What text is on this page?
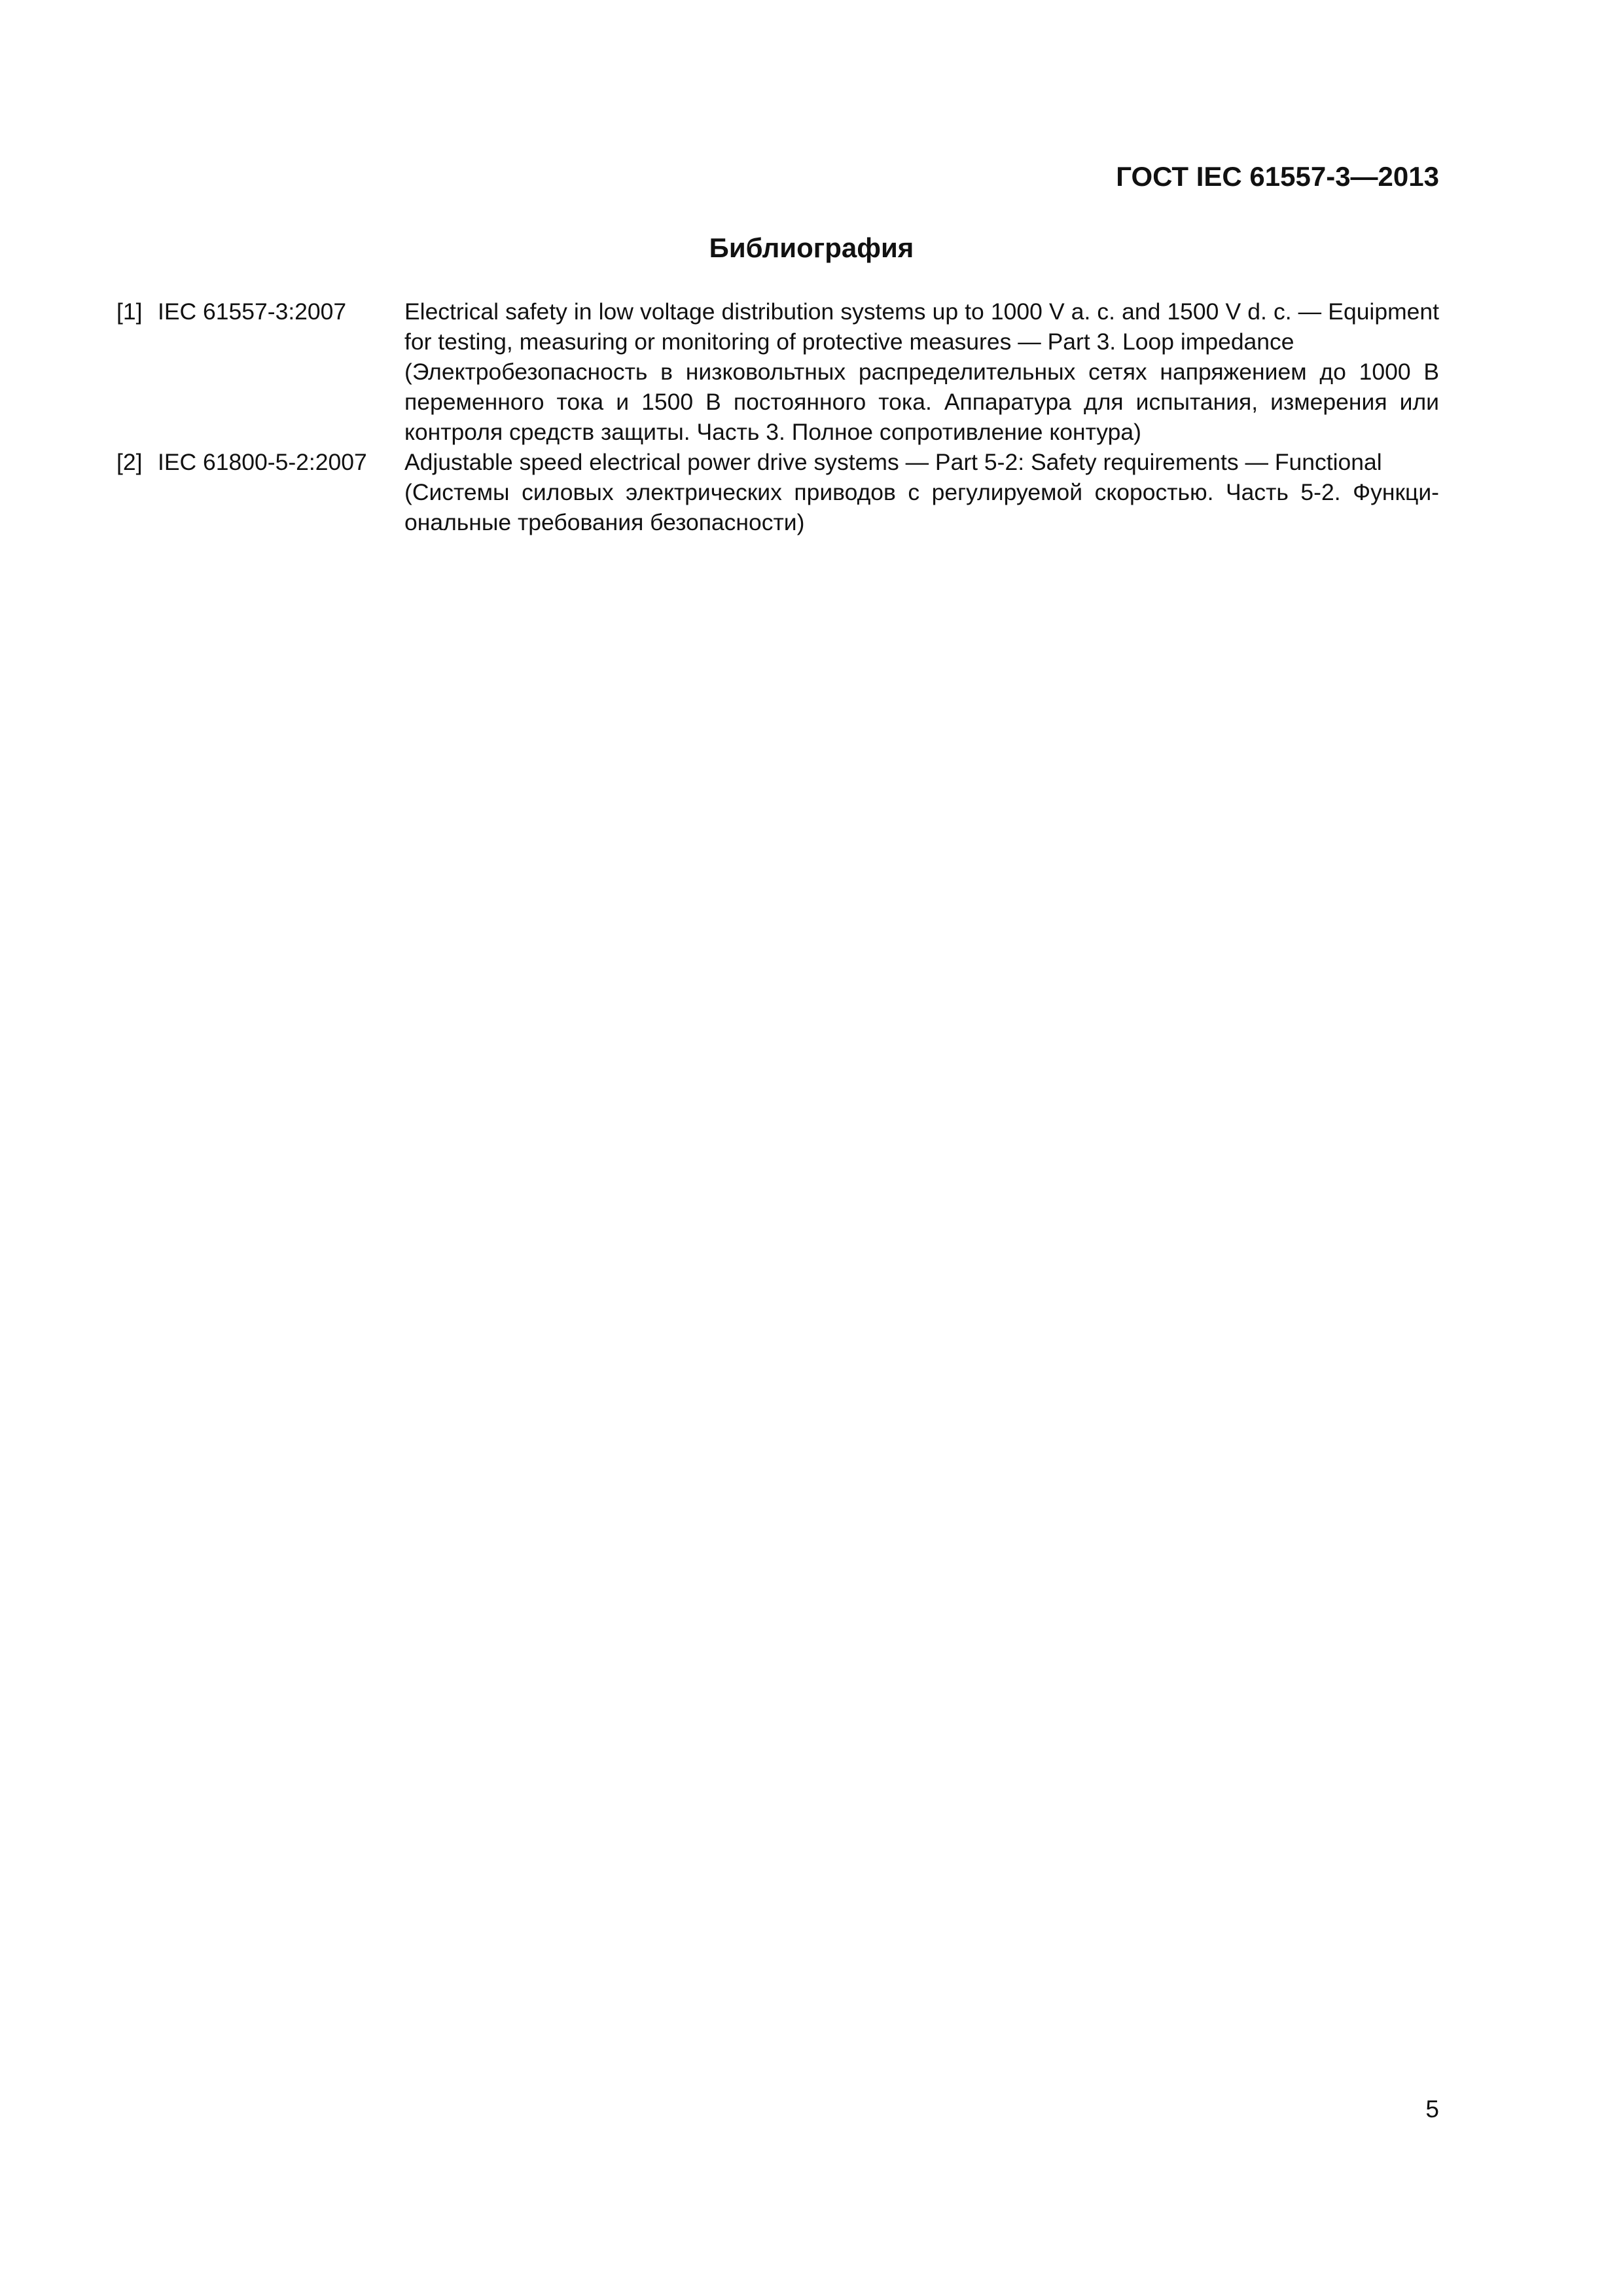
ГОСТ IEC 61557-3—2013
Библиография
[1] IEC 61557-3:2007	Electrical safety in low voltage distribution systems up to 1000 V a. c. and 1500 V d. c. — Equipment for testing, measuring or monitoring of protective measures — Part 3. Loop impedance

(Электробезопасность в низковольтных распределительных сетях напряжением до 1000 В переменного тока и 1500 В постоянного тока. Аппаратура для испытания, измерения или контроля средств защиты. Часть 3. Полное сопротивление контура)

[2] IEC 61800-5-2:2007	Adjustable speed electrical power drive systems — Part 5-2: Safety requirements — Functional

(Системы силовых электрических приводов с регулируемой скоростью. Часть 5-2. Функциональные требования безопасности)

5
